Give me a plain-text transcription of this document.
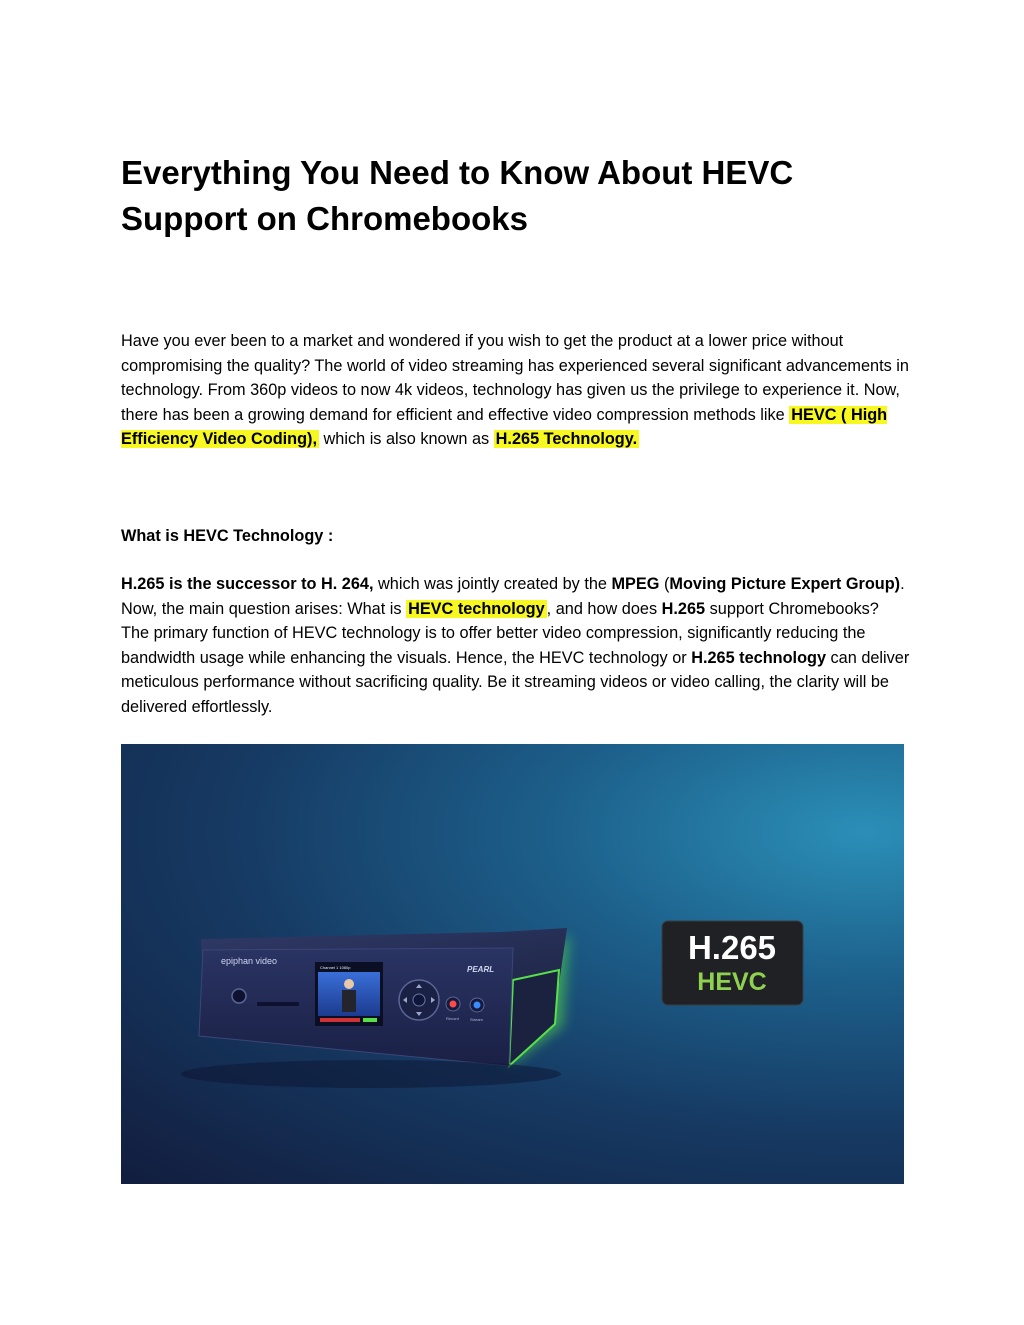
Everything You Need to Know About HEVC
Support on Chromebooks

Have you ever been to a market and wondered if you wish to get the product at a lower price without compromising the quality? The world of video streaming has experienced several significant advancements in technology. From 360p videos to now 4k videos, technology has given us the privilege to experience it. Now, there has been a growing demand for efficient and effective video compression methods like HEVC ( High Efficiency Video Coding), which is also known as H.265 Technology.

What is HEVC Technology :

H.265 is the successor to H. 264, which was jointly created by the MPEG (Moving Picture Expert Group). Now, the main question arises: What is HEVC technology , and how does H.265 support Chromebooks? The primary function of HEVC technology is to offer better video compression, significantly reducing the bandwidth usage while enhancing the visuals. Hence, the HEVC technology or H.265 technology can deliver meticulous performance without sacrificing quality. Be it streaming videos or video calling, the clarity will be delivered effortlessly.

epiphan video
Channel 1 1080p
Record	Stream
PEARL
H.265
HEVC
